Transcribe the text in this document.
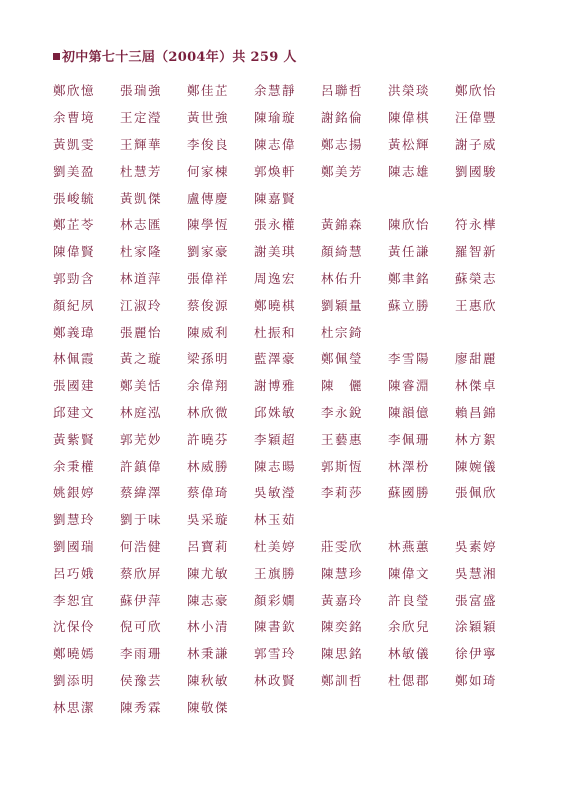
初中第七十三屆（2004年）共 259 人
鄭欣憶	張瑞強	鄭佳芷	余慧靜	呂聯哲	洪榮琰	鄭欣怡
余曹境	王定瀅	黃世強	陳瑜璇	謝銘倫	陳偉棋	汪偉豐
黃凱雯	王輝華	李俊良	陳志偉	鄭志揚	黃松輝	謝子威
劉美盈	杜慧芳	何家棟	郭煥軒	鄭美芳	陳志雄	劉國駿
張峻毓	黃凱傑	盧傳慶	陳嘉賢
鄭芷苓	林志匯	陳學恆	張永權	黃錦森	陳欣怡	符永樺
陳偉賢	杜家隆	劉家豪	謝美琪	顏綺慧	黃任謙	羅智新
郭勁含	林道萍	張偉祥	周逸宏	林佑升	鄭聿銘	蘇榮志
顏紀夙	江淑玲	蔡俊源	鄭曉棋	劉穎量	蘇立勝	王惠欣
鄭義瑋	張麗怡	陳威利	杜振和	杜宗錡
林佩霞	黃之璇	梁孫明	藍澤豪	鄭佩瑩	李雪陽	廖甜麗
張國建	鄭美恬	余偉翔	謝博雅	陳　儷	陳睿淵	林傑卓
邱建文	林庭泓	林欣微	邱姝敏	李永銳	陳韻億	賴昌錦
黃紫賢	郭芜妙	許曉芬	李穎超	王藝惠	李佩珊	林方絮
余秉權	許鎮偉	林威勝	陳志暘	郭斯恆	林澤枌	陳婉儀
姚銀婷	蔡緯澤	蔡偉琦	吳敏瀅	李莉莎	蘇國勝	張佩欣
劉慧玲	劉于味	吳采璇	林玉茹
劉國瑞	何浩健	呂寶莉	杜美婷	莊雯欣	林燕蕙	吳素婷
呂巧娥	蔡欣屏	陳尤敏	王旗勝	陳慧珍	陳偉文	吳慧湘
李恕宜	蘇伊萍	陳志豪	顏彩嫺	黃嘉玲	許良瑩	張富盛
沈保伶	倪可欣	林小清	陳書欽	陳奕銘	余欣兒	涂穎穎
鄭曉嫣	李雨珊	林秉謙	郭雪玲	陳思銘	林敏儀	徐伊寧
劉添明	侯豫芸	陳秋敏	林政賢	鄭訓哲	杜偲郡	鄭如琦
林思潔	陳秀霖	陳敬傑
